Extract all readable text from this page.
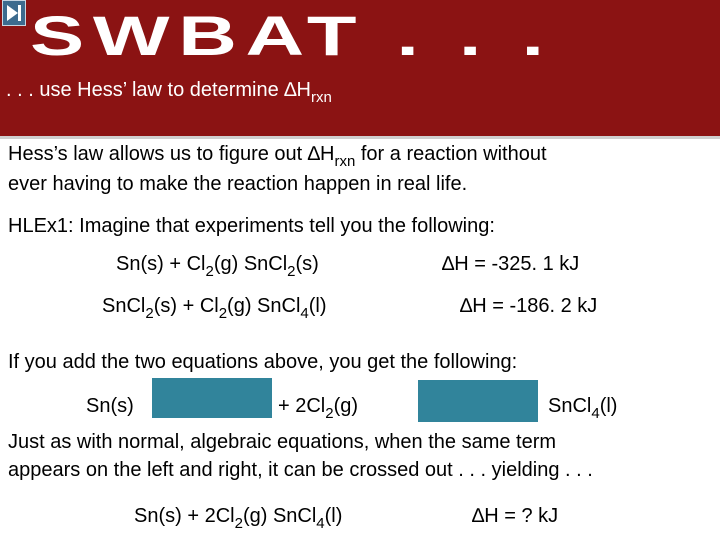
SWBAT . . .
. . . use Hess’ law to determine $\Delta H_{rxn}$
Hess’s law allows us to figure out $\Delta H_{rxn}$ for a reaction without
ever having to make the reaction happen in real life.
HLEx1: Imagine that experiments tell you the following:
$Sn(s) + Cl_2(g)$ SnCl$_2$(s)	∆H = -325. 1 kJ
SnCl$_2$(s) + $Cl_2(g)$ SnCl$_4$(l)	∆H = -186. 2 kJ
If you add the two equations above, you get the following:
Sn(s)	+ $2Cl_2(g)$	SnCl$_4$(l)
Just as with normal, algebraic equations, when the same term
appears on the left and right, it can be crossed out . . . yielding . . .
$Sn(s) + 2Cl_2(g)$ SnCl$_4$(l)	∆H = ? kJ
